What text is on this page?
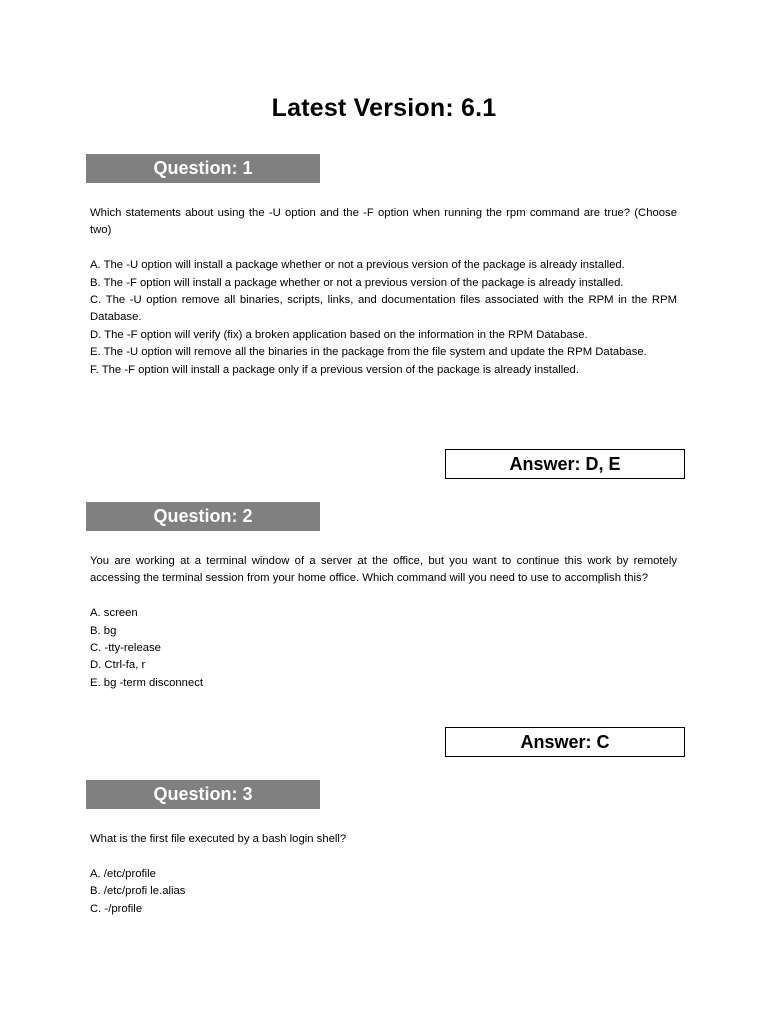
Latest Version: 6.1
Question: 1

Which statements about using the -U option and the -F option when running the rpm command are true? (Choose two)

A. The -U option will install a package whether or not a previous version of the package is already installed.
B. The -F option will install a package whether or not a previous version of the package is already installed.
C. The -U option remove all binaries, scripts, links, and documentation files associated with the RPM in the RPM Database.
D. The -F option will verify (fix) a broken application based on the information in the RPM Database.
E. The -U option will remove all the binaries in the package from the file system and update the RPM Database.
F. The -F option will install a package only if a previous version of the package is already installed.
Answer: D, E
Question: 2

You are working at a terminal window of a server at the office, but you want to continue this work by remotely accessing the terminal session from your home office. Which command will you need to use to accomplish this?

A. screen
B. bg
C. -tty-release
D. Ctrl-fa, r
E. bg -term disconnect
Answer: C
Question: 3

What is the first file executed by a bash login shell?

A. /etc/profile
B. /etc/profi le.alias
C. -/profile
